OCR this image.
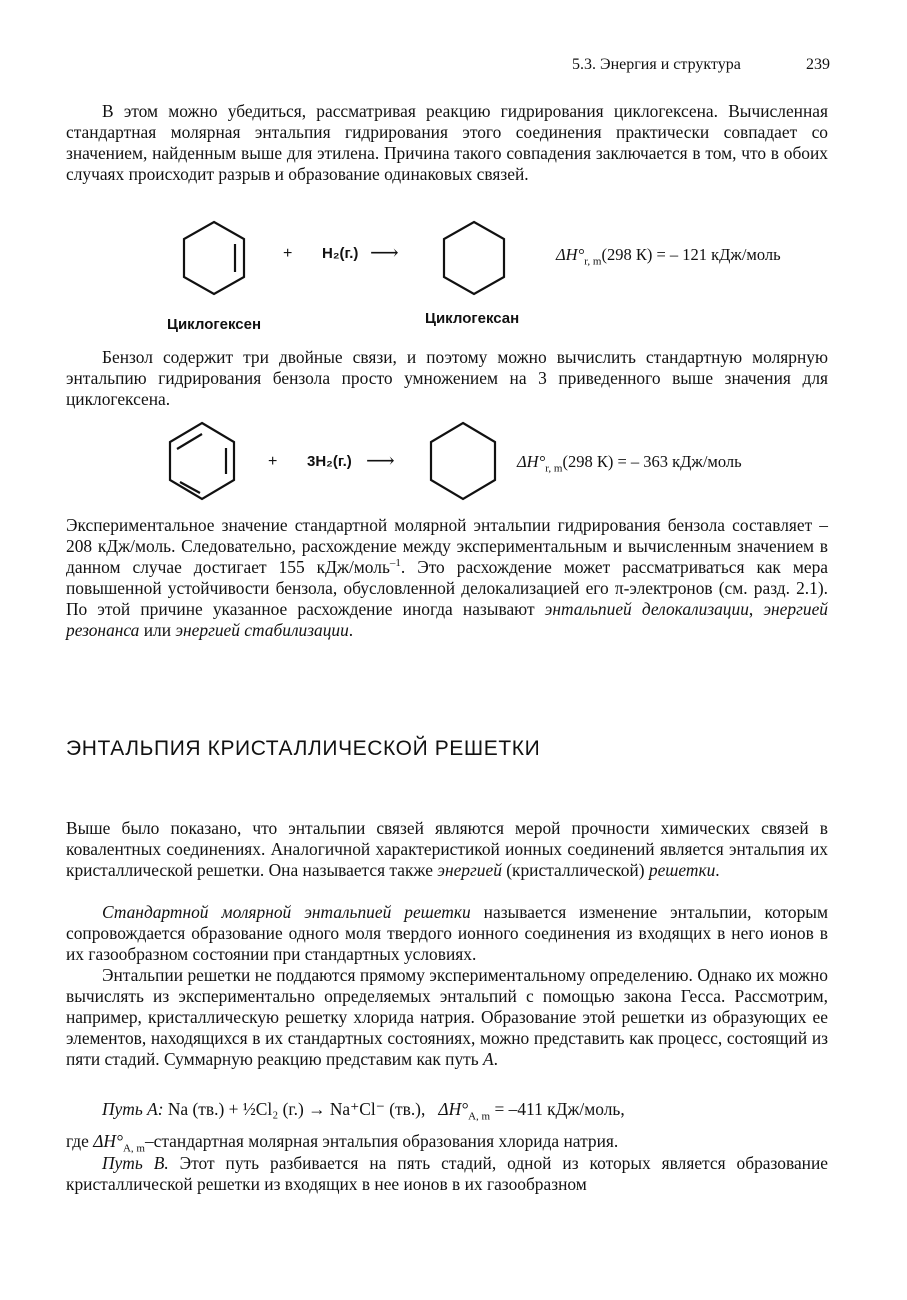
5.3. Энергия и структура	239
В этом можно убедиться, рассматривая реакцию гидрирования циклогексена. Вычисленная стандартная молярная энтальпия гидрирования этого соединения практически совпадает со значением, найденным выше для этилена. Причина такого совпадения заключается в том, что в обоих случаях происходит разрыв и образование одинаковых связей.
+ H₂(г.) ⟶	$\Delta H^\circ_{r, m}(298$ К) = – 121 кДж/моль
Циклогексен	Циклогексан
Бензол содержит три двойные связи, и поэтому можно вычислить стандартную молярную энтальпию гидрирования бензола просто умножением на 3 приведенного выше значения для циклогексена.
+ 3H₂(г.) ⟶	$\Delta H^\circ_{r, m}(298$ К) = – 363 кДж/моль
Экспериментальное значение стандартной молярной энтальпии гидрирования бензола составляет –208 кДж/моль. Следовательно, расхождение между экспериментальным и вычисленным значением в данном случае достигает 155 кДж/моль$^{-1}$. Это расхождение может рассматриваться как мера повышенной устойчивости бензола, обусловленной делокализацией его π-электронов (см. разд. 2.1). По этой причине указанное расхождение иногда называют энтальпией делокализации, энергией резонанса или энергией стабилизации.
ЭНТАЛЬПИЯ КРИСТАЛЛИЧЕСКОЙ РЕШЕТКИ
Выше было показано, что энтальпии связей являются мерой прочности химических связей в ковалентных соединениях. Аналогичной характеристикой ионных соединений является энтальпия их кристаллической решетки. Она называется также энергией (кристаллической) решетки.
Стандартной молярной энтальпией решетки называется изменение энтальпии, которым сопровождается образование одного моля твердого ионного соединения из входящих в него ионов в их газообразном состоянии при стандартных условиях.
Энтальпии решетки не поддаются прямому экспериментальному определению. Однако их можно вычислять из экспериментально определяемых энтальпий с помощью закона Гесса. Рассмотрим, например, кристаллическую решетку хлорида натрия. Образование этой решетки из образующих ее элементов, находящихся в их стандартных состояниях, можно представить как процесс, состоящий из пяти стадий. Суммарную реакцию представим как путь А.
Путь А: Na (тв.) + ½Cl₂ (г.) → Na⁺Cl⁻ (тв.), $\Delta H^\circ_{A, m} = -411$ кДж/моль,
где $\Delta H^\circ_{A, m}$–стандартная молярная энтальпия образования хлорида натрия.
Путь В. Этот путь разбивается на пять стадий, одной из которых является образование кристаллической решетки из входящих в нее ионов в их газообразном
